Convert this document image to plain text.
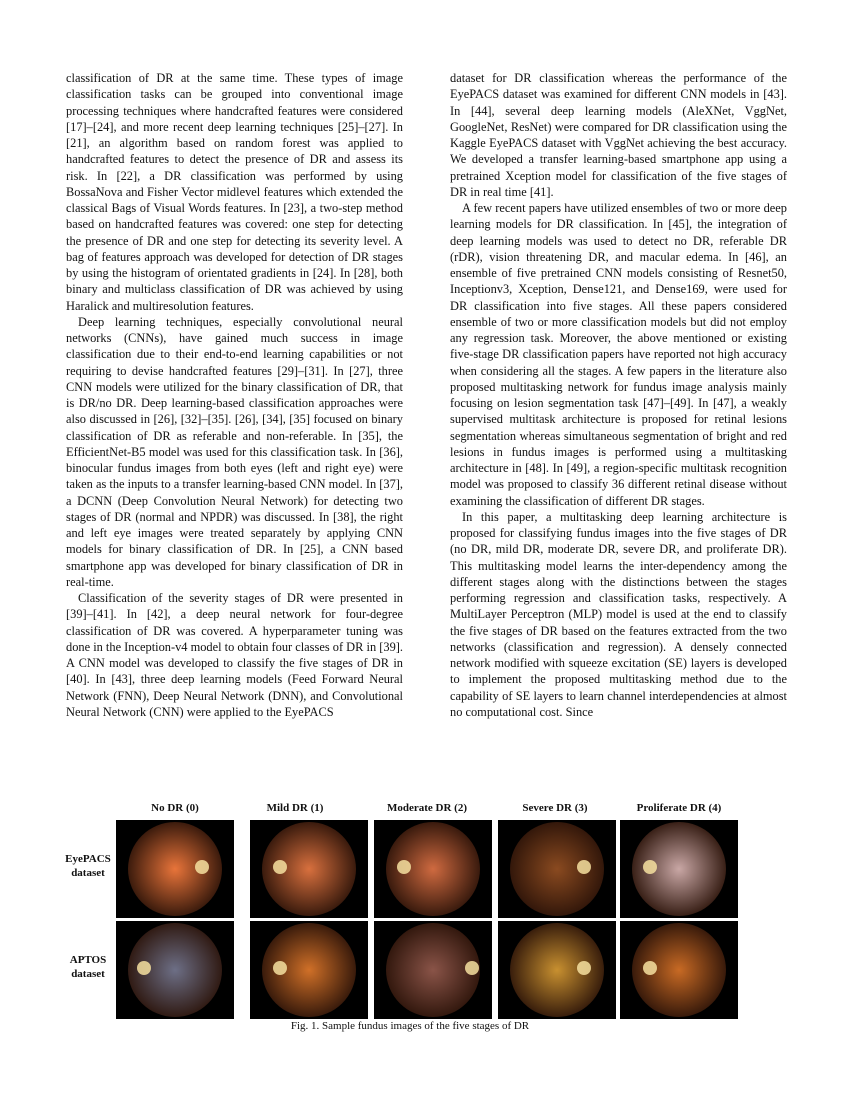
classification of DR at the same time. These types of image classification tasks can be grouped into conventional image processing techniques where handcrafted features were considered [17]–[24], and more recent deep learning techniques [25]–[27]. In [21], an algorithm based on random forest was applied to handcrafted features to detect the presence of DR and assess its risk. In [22], a DR classification was performed by using BossaNova and Fisher Vector midlevel features which extended the classical Bags of Visual Words features. In [23], a two-step method based on handcrafted features was covered: one step for detecting the presence of DR and one step for detecting its severity level. A bag of features approach was developed for detection of DR stages by using the histogram of orientated gradients in [24]. In [28], both binary and multiclass classification of DR was achieved by using Haralick and multiresolution features.

Deep learning techniques, especially convolutional neural networks (CNNs), have gained much success in image classification due to their end-to-end learning capabilities or not requiring to devise handcrafted features [29]–[31]. In [27], three CNN models were utilized for the binary classification of DR, that is DR/no DR. Deep learning-based classification approaches were also discussed in [26], [32]–[35]. [26], [34], [35] focused on binary classification of DR as referable and non-referable. In [35], the EfficientNet-B5 model was used for this classification task. In [36], binocular fundus images from both eyes (left and right eye) were taken as the inputs to a transfer learning-based CNN model. In [37], a DCNN (Deep Convolution Neural Network) for detecting two stages of DR (normal and NPDR) was discussed. In [38], the right and left eye images were treated separately by applying CNN models for binary classification of DR. In [25], a CNN based smartphone app was developed for binary classification of DR in real-time.

Classification of the severity stages of DR were presented in [39]–[41]. In [42], a deep neural network for four-degree classification of DR was covered. A hyperparameter tuning was done in the Inception-v4 model to obtain four classes of DR in [39]. A CNN model was developed to classify the five stages of DR in [40]. In [43], three deep learning models (Feed Forward Neural Network (FNN), Deep Neural Network (DNN), and Convolutional Neural Network (CNN) were applied to the EyePACS

dataset for DR classification whereas the performance of the EyePACS dataset was examined for different CNN models in [43]. In [44], several deep learning models (AleXNet, VggNet, GoogleNet, ResNet) were compared for DR classification using the Kaggle EyePACS dataset with VggNet achieving the best accuracy. We developed a transfer learning-based smartphone app using a pretrained Xception model for classification of the five stages of DR in real time [41].

A few recent papers have utilized ensembles of two or more deep learning models for DR classification. In [45], the integration of deep learning models was used to detect no DR, referable DR (rDR), vision threatening DR, and macular edema. In [46], an ensemble of five pretrained CNN models consisting of Resnet50, Inceptionv3, Xception, Dense121, and Dense169, were used for DR classification into five stages. All these papers considered ensemble of two or more classification models but did not employ any regression task. Moreover, the above mentioned or existing five-stage DR classification papers have reported not high accuracy when considering all the stages. A few papers in the literature also proposed multitasking network for fundus image analysis mainly focusing on lesion segmentation task [47]–[49]. In [47], a weakly supervised multitask architecture is proposed for retinal lesions segmentation whereas simultaneous segmentation of bright and red lesions in fundus images is performed using a multitasking architecture in [48]. In [49], a region-specific multitask recognition model was proposed to classify 36 different retinal disease without examining the classification of different DR stages.

In this paper, a multitasking deep learning architecture is proposed for classifying fundus images into the five stages of DR (no DR, mild DR, moderate DR, severe DR, and proliferate DR). This multitasking model learns the inter-dependency among the different stages along with the distinctions between the stages performing regression and classification tasks, respectively. A MultiLayer Perceptron (MLP) model is used at the end to classify the five stages of DR based on the features extracted from the two networks (classification and regression). A densely connected network modified with squeeze excitation (SE) layers is developed to implement the proposed multitasking method due to the capability of SE layers to learn channel interdependencies at almost no computational cost. Since

No DR (0)	Mild DR (1)	Moderate DR (2)	Severe DR (3)	Proliferate DR (4)
EyePACS
dataset
APTOS
dataset
Fig. 1. Sample fundus images of the five stages of DR
